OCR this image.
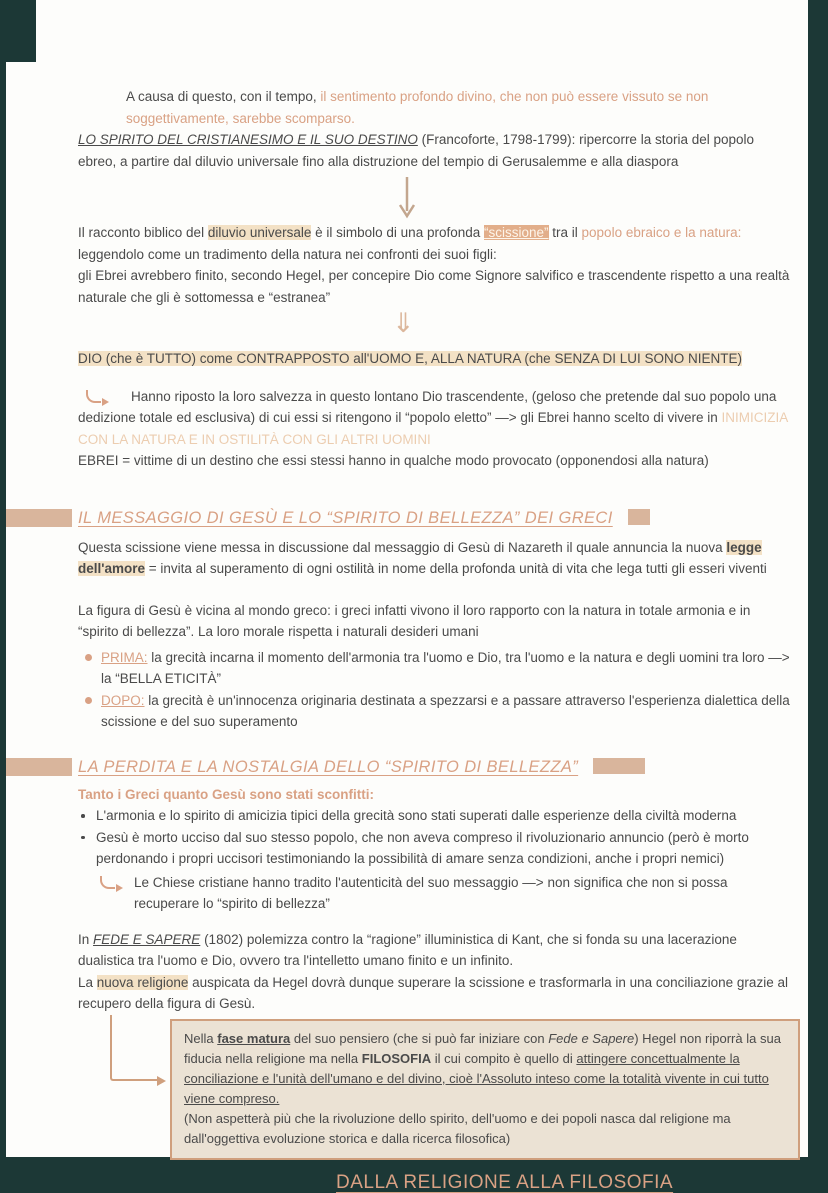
A causa di questo, con il tempo, il sentimento profondo divino, che non può essere vissuto se non soggettivamente, sarebbe scomparso.

LO SPIRITO DEL CRISTIANESIMO E IL SUO DESTINO (Francoforte, 1798-1799): ripercorre la storia del popolo ebreo, a partire dal diluvio universale fino alla distruzione del tempio di Gerusalemme e alla diaspora

Il racconto biblico del diluvio universale è il simbolo di una profonda “scissione” tra il popolo ebraico e la natura: leggendolo come un tradimento della natura nei confronti dei suoi figli:

gli Ebrei avrebbero finito, secondo Hegel, per concepire Dio come Signore salvifico e trascendente rispetto a una realtà naturale che gli è sottomessa e “estranea”

⇓

DIO (che è TUTTO) come CONTRAPPOSTO all'UOMO E, ALLA NATURA (che SENZA DI LUI SONO NIENTE)

Hanno riposto la loro salvezza in questo lontano Dio trascendente, (geloso che pretende dal suo popolo una dedizione totale ed esclusiva) di cui essi si ritengono il “popolo eletto” —> gli Ebrei hanno scelto di vivere in INIMICIZIA CON LA NATURA E IN OSTILITÀ CON GLI ALTRI UOMINI

EBREI = vittime di un destino che essi stessi hanno in qualche modo provocato (opponendosi alla natura)

IL MESSAGGIO DI GESÙ E LO “SPIRITO DI BELLEZZA” DEI GRECI

Questa scissione viene messa in discussione dal messaggio di Gesù di Nazareth il quale annuncia la nuova legge dell'amore = invita al superamento di ogni ostilità in nome della profonda unità di vita che lega tutti gli esseri viventi

La figura di Gesù è vicina al mondo greco: i greci infatti vivono il loro rapporto con la natura in totale armonia e in “spirito di bellezza”. La loro morale rispetta i naturali desideri umani

PRIMA: la grecità incarna il momento dell'armonia tra l'uomo e Dio, tra l'uomo e la natura e degli uomini tra loro —> la “BELLA ETICITÀ”
DOPO: la grecità è un'innocenza originaria destinata a spezzarsi e a passare attraverso l'esperienza dialettica della scissione e del suo superamento
LA PERDITA E LA NOSTALGIA DELLO “SPIRITO DI BELLEZZA”

Tanto i Greci quanto Gesù sono stati sconfitti:

L'armonia e lo spirito di amicizia tipici della grecità sono stati superati dalle esperienze della civiltà moderna
Gesù è morto ucciso dal suo stesso popolo, che non aveva compreso il rivoluzionario annuncio (però è morto perdonando i propri uccisori testimoniando la possibilità di amare senza condizioni, anche i propri nemici)
Le Chiese cristiane hanno tradito l'autenticità del suo messaggio —> non significa che non si possa recuperare lo “spirito di bellezza”

In FEDE E SAPERE (1802) polemizza contro la “ragione” illuministica di Kant, che si fonda su una lacerazione dualistica tra l'uomo e Dio, ovvero tra l'intelletto umano finito e un infinito.

La nuova religione auspicata da Hegel dovrà dunque superare la scissione e trasformarla in una conciliazione grazie al recupero della figura di Gesù.

Nella fase matura del suo pensiero (che si può far iniziare con Fede e Sapere) Hegel non riporrà la sua fiducia nella religione ma nella FILOSOFIA il cui compito è quello di attingere concettualmente la conciliazione e l'unità dell'umano e del divino, cioè l'Assoluto inteso come la totalità vivente in cui tutto viene compreso.

(Non aspetterà più che la rivoluzione dello spirito, dell'uomo e dei popoli nasca dal religione ma dall'oggettiva evoluzione storica e dalla ricerca filosofica)

DALLA RELIGIONE ALLA FILOSOFIA
